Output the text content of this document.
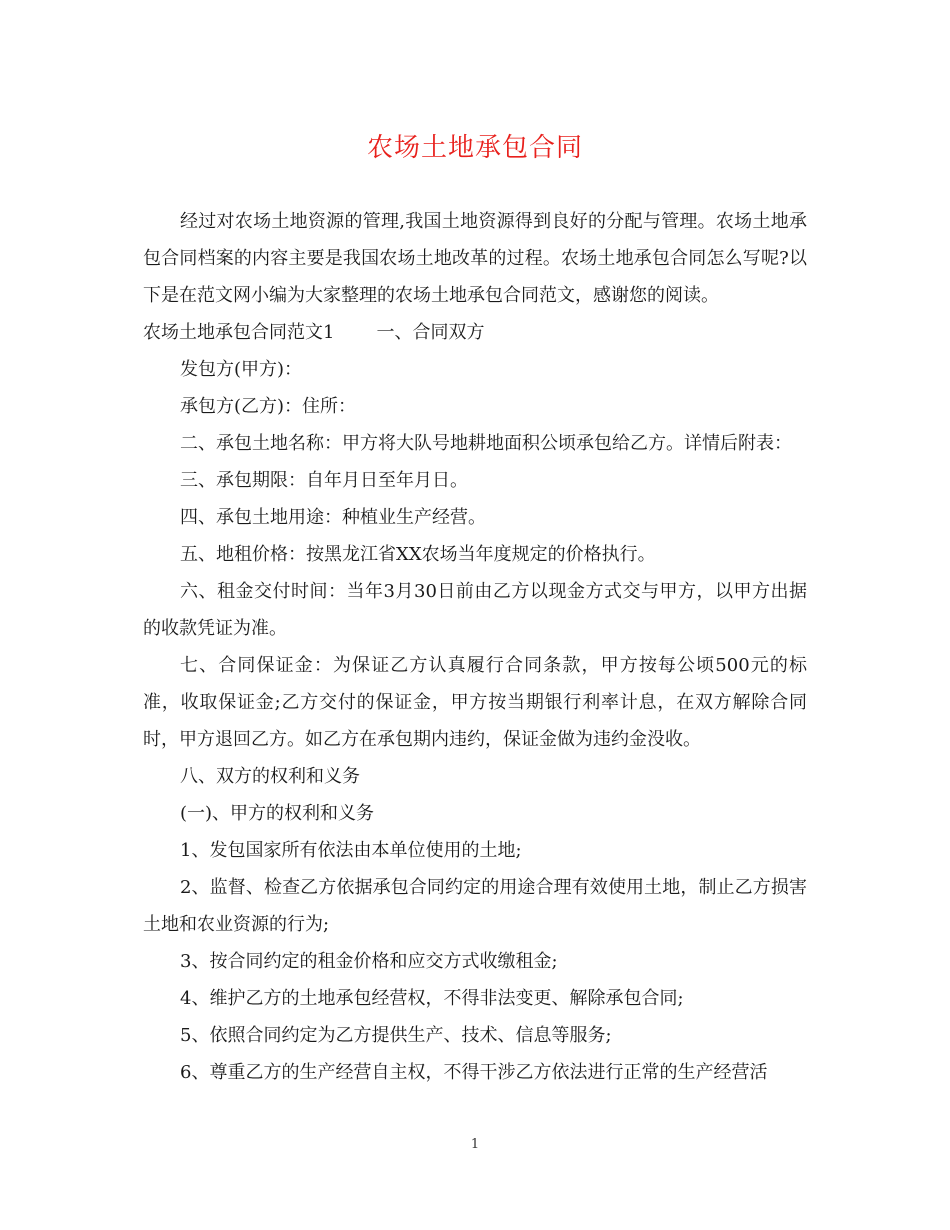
农场土地承包合同

经过对农场土地资源的管理,我国土地资源得到良好的分配与管理。农场土地承包合同档案的内容主要是我国农场土地改革的过程。农场土地承包合同怎么写呢?以下是在范文网小编为大家整理的农场土地承包合同范文，感谢您的阅读。

农场土地承包合同范文1 一、合同双方

发包方(甲方)：

承包方(乙方)：住所：

二、承包土地名称：甲方将大队号地耕地面积公顷承包给乙方。详情后附表：

三、承包期限：自年月日至年月日。

四、承包土地用途：种植业生产经营。

五、地租价格：按黑龙江省XX农场当年度规定的价格执行。

六、租金交付时间：当年3月30日前由乙方以现金方式交与甲方，以甲方出据的收款凭证为准。

七、合同保证金：为保证乙方认真履行合同条款，甲方按每公顷500元的标准，收取保证金;乙方交付的保证金，甲方按当期银行利率计息，在双方解除合同时，甲方退回乙方。如乙方在承包期内违约，保证金做为违约金没收。

八、双方的权利和义务

(一)、甲方的权利和义务

1、发包国家所有依法由本单位使用的土地;

2、监督、检查乙方依据承包合同约定的用途合理有效使用土地，制止乙方损害土地和农业资源的行为;

3、按合同约定的租金价格和应交方式收缴租金;

4、维护乙方的土地承包经营权，不得非法变更、解除承包合同;

5、依照合同约定为乙方提供生产、技术、信息等服务;

6、尊重乙方的生产经营自主权，不得干涉乙方依法进行正常的生产经营活

1
